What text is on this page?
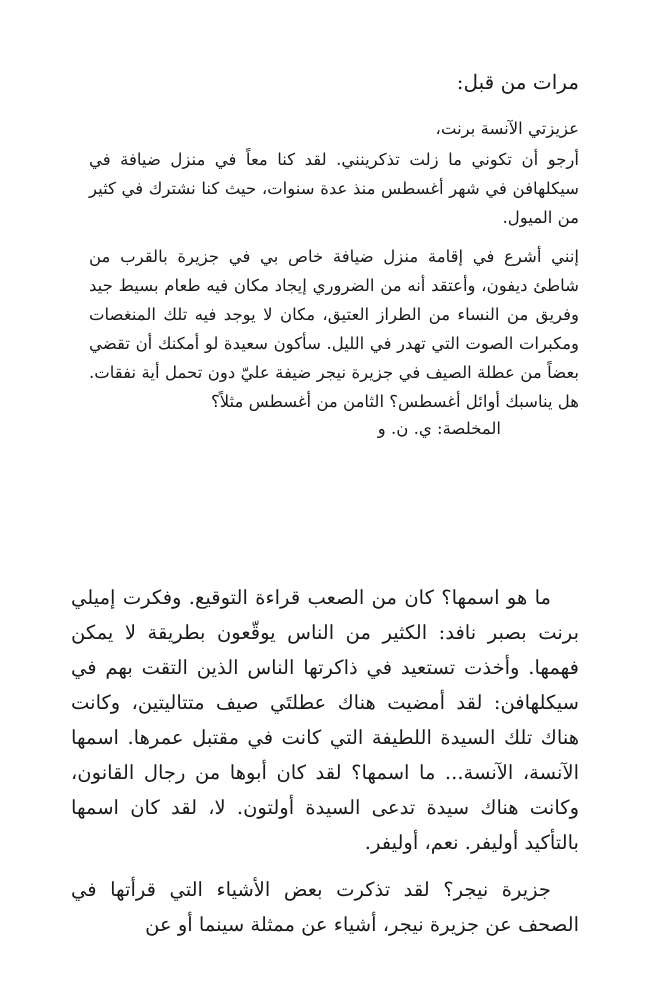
مرات من قبل:

عزيزتي الآنسة برنت،

أرجو أن تكوني ما زلت تذكرينني. لقد كنا معاً في منزل ضيافة في سيكلهافن في شهر أغسطس منذ عدة سنوات، حيث كنا نشترك في كثير من الميول.

إنني أشرع في إقامة منزل ضيافة خاص بي في جزيرة بالقرب من شاطئ ديفون، وأعتقد أنه من الضروري إيجاد مكان فيه طعام بسيط جيد وفريق من النساء من الطراز العتيق، مكان لا يوجد فيه تلك المنغصات ومكبرات الصوت التي تهدر في الليل. سأكون سعيدة لو أمكنك أن تقضي بعضاً من عطلة الصيف في جزيرة نيجر ضيفة عليّ دون تحمل أية نفقات. هل يناسبك أوائل أغسطس؟ الثامن من أغسطس مثلاً؟

المخلصة: ي. ن. و

ما هو اسمها؟ كان من الصعب قراءة التوقيع. وفكرت إميلي برنت بصبر نافد: الكثير من الناس يوقّعون بطريقة لا يمكن فهمها. وأخذت تستعيد في ذاكرتها الناس الذين التقت بهم في سيكلهافن: لقد أمضيت هناك عطلتَي صيف متتاليتين، وكانت هناك تلك السيدة اللطيفة التي كانت في مقتبل عمرها. اسمها الآنسة، الآنسة... ما اسمها؟ لقد كان أبوها من رجال القانون، وكانت هناك سيدة تدعى السيدة أولتون. لا، لقد كان اسمها بالتأكيد أوليفر. نعم، أوليفر.

جزيرة نيجر؟ لقد تذكرت بعض الأشياء التي قرأتها في الصحف عن جزيرة نيجر، أشياء عن ممثلة سينما أو عن
